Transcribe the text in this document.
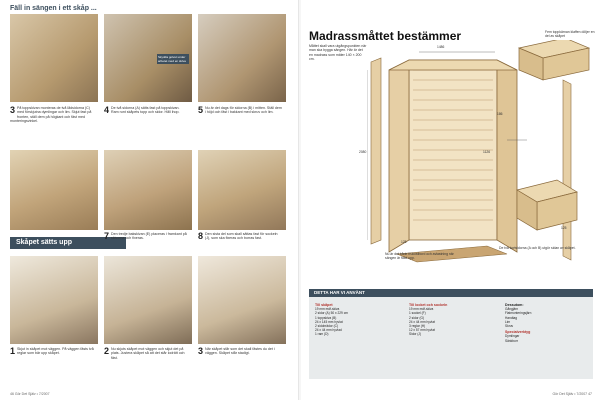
Fäll in sängen i ett skåp ...
Skydda golvet under arbetet med en skiva
3 På toppskivan monteras de två lådsidorna (C) med förskjutna dymlingar och lim. Skjut fast på fronten, ställ dem på högkant och fäst med monteringsvinkel.
4 De två sidorna (A) sätts fast på toppskivan. Ram runt skåpets topp och sidor. Håll ihop.	5 Nu är det dags för sidorna (B) i mitten. Ställ dem i höjd och fäst i bakkant med skruv och lim.
Skåpet sätts upp
7 Den tredje bakskivan (E) placeras i framkant på skivorna och fixeras.	8 Den sista del som skall sättas fast för sockeln (J), som ska fixeras och borras fast.
1 Skjut in skåpet mot väggen. På väggen fästs två reglar som bär upp skåpet.	2 Nu skjuts skåpet mot väggen och skjut det på plats. Justera skåpet så att det står lodrätt och fäst.
3 När skåpet står som det skall fästes du det i väggen. Skåpet står stadigt.
46 Gör Det Själv • 7/2007
Madrassmåttet bestämmer
Måttet skall vara utgångspunkten när man ska bygga sängen. Här är det en madrass som mäter 140 × 200 cm.
1486
186
1126
2080
125
125
Fem toppkärnan klaffen döljer en del av skåpet
Nu är det både frukostbord och avlastning när sängen är fälld upp.
De två kortsidorna (A och B) utgör sidan av skåpet.
DETTA HAR VI ANVÄNT
Till skåpet
19 mm mdf-skiva
2 sidor (A) 50 x 229 cm
1 toppskiva (B)
24 x 145 mm hyvlat
2 sidobrädor (C)
24 x 44 mm hyvlad
1 ram (D)
Till locket och sockeln
19 mm mdf-skiva
1 sockel (F)
2 sidor (G)
24 x 44 mm hyvlat
3 reglar (H)
12 x 57 mm hyvlat
Sidor (J)
Dessutom:
Gångjärn
Flatmonteringsjärn
Handtag
Lim
Skruv
Specialverktyg
Dymlingar
Sänkborr
Gör Det Själv • 7/2007 47
